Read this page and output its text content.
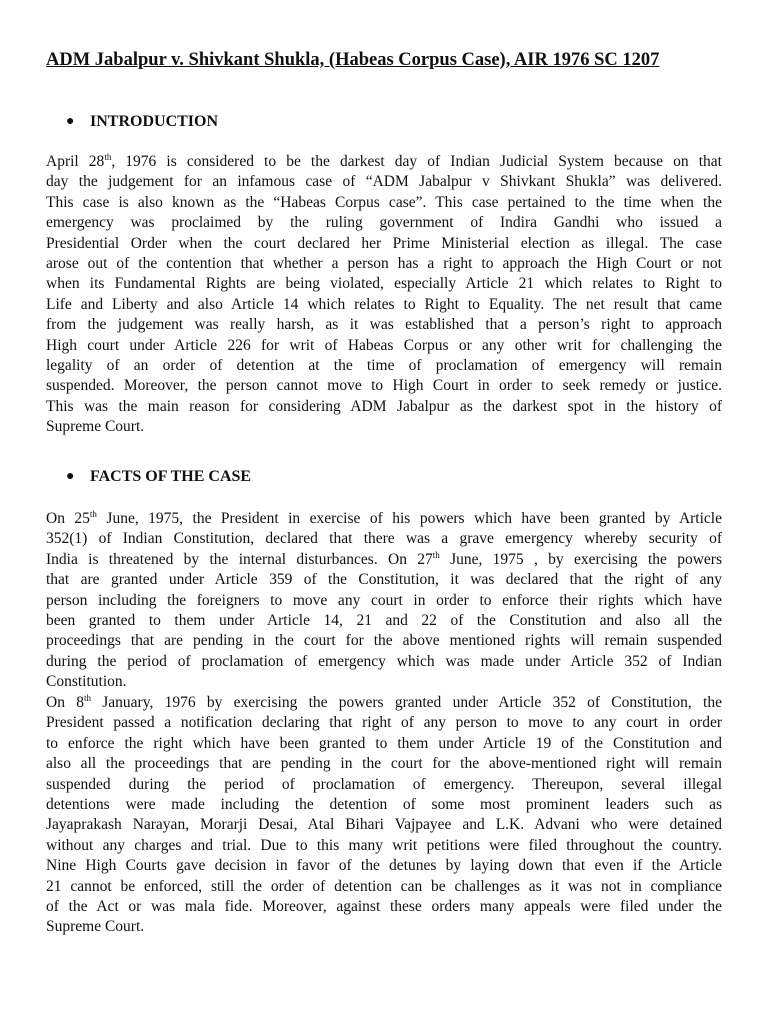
ADM Jabalpur v. Shivkant Shukla, (Habeas Corpus Case), AIR 1976 SC 1207
● INTRODUCTION

April 28th, 1976 is considered to be the darkest day of Indian Judicial System because on that
day the judgement for an infamous case of “ADM Jabalpur v Shivkant Shukla” was delivered.
This case is also known as the “Habeas Corpus case”. This case pertained to the time when the
emergency was proclaimed by the ruling government of Indira Gandhi who issued a
Presidential Order when the court declared her Prime Ministerial election as illegal. The case
arose out of the contention that whether a person has a right to approach the High Court or not
when its Fundamental Rights are being violated, especially Article 21 which relates to Right to
Life and Liberty and also Article 14 which relates to Right to Equality. The net result that came
from the judgement was really harsh, as it was established that a person’s right to approach
High court under Article 226 for writ of Habeas Corpus or any other writ for challenging the
legality of an order of detention at the time of proclamation of emergency will remain
suspended. Moreover, the person cannot move to High Court in order to seek remedy or justice.
This was the main reason for considering ADM Jabalpur as the darkest spot in the history of
Supreme Court.

● FACTS OF THE CASE

On 25th June, 1975, the President in exercise of his powers which have been granted by Article
352(1) of Indian Constitution, declared that there was a grave emergency whereby security of
India is threatened by the internal disturbances. On 27th June, 1975 , by exercising the powers
that are granted under Article 359 of the Constitution, it was declared that the right of any
person including the foreigners to move any court in order to enforce their rights which have
been granted to them under Article 14, 21 and 22 of the Constitution and also all the
proceedings that are pending in the court for the above mentioned rights will remain suspended
during the period of proclamation of emergency which was made under Article 352 of Indian
Constitution.

On 8th January, 1976 by exercising the powers granted under Article 352 of Constitution, the
President passed a notification declaring that right of any person to move to any court in order
to enforce the right which have been granted to them under Article 19 of the Constitution and
also all the proceedings that are pending in the court for the above-mentioned right will remain
suspended during the period of proclamation of emergency. Thereupon, several illegal
detentions were made including the detention of some most prominent leaders such as
Jayaprakash Narayan, Morarji Desai, Atal Bihari Vajpayee and L.K. Advani who were detained
without any charges and trial. Due to this many writ petitions were filed throughout the country.
Nine High Courts gave decision in favor of the detunes by laying down that even if the Article
21 cannot be enforced, still the order of detention can be challenges as it was not in compliance
of the Act or was mala fide. Moreover, against these orders many appeals were filed under the
Supreme Court.
